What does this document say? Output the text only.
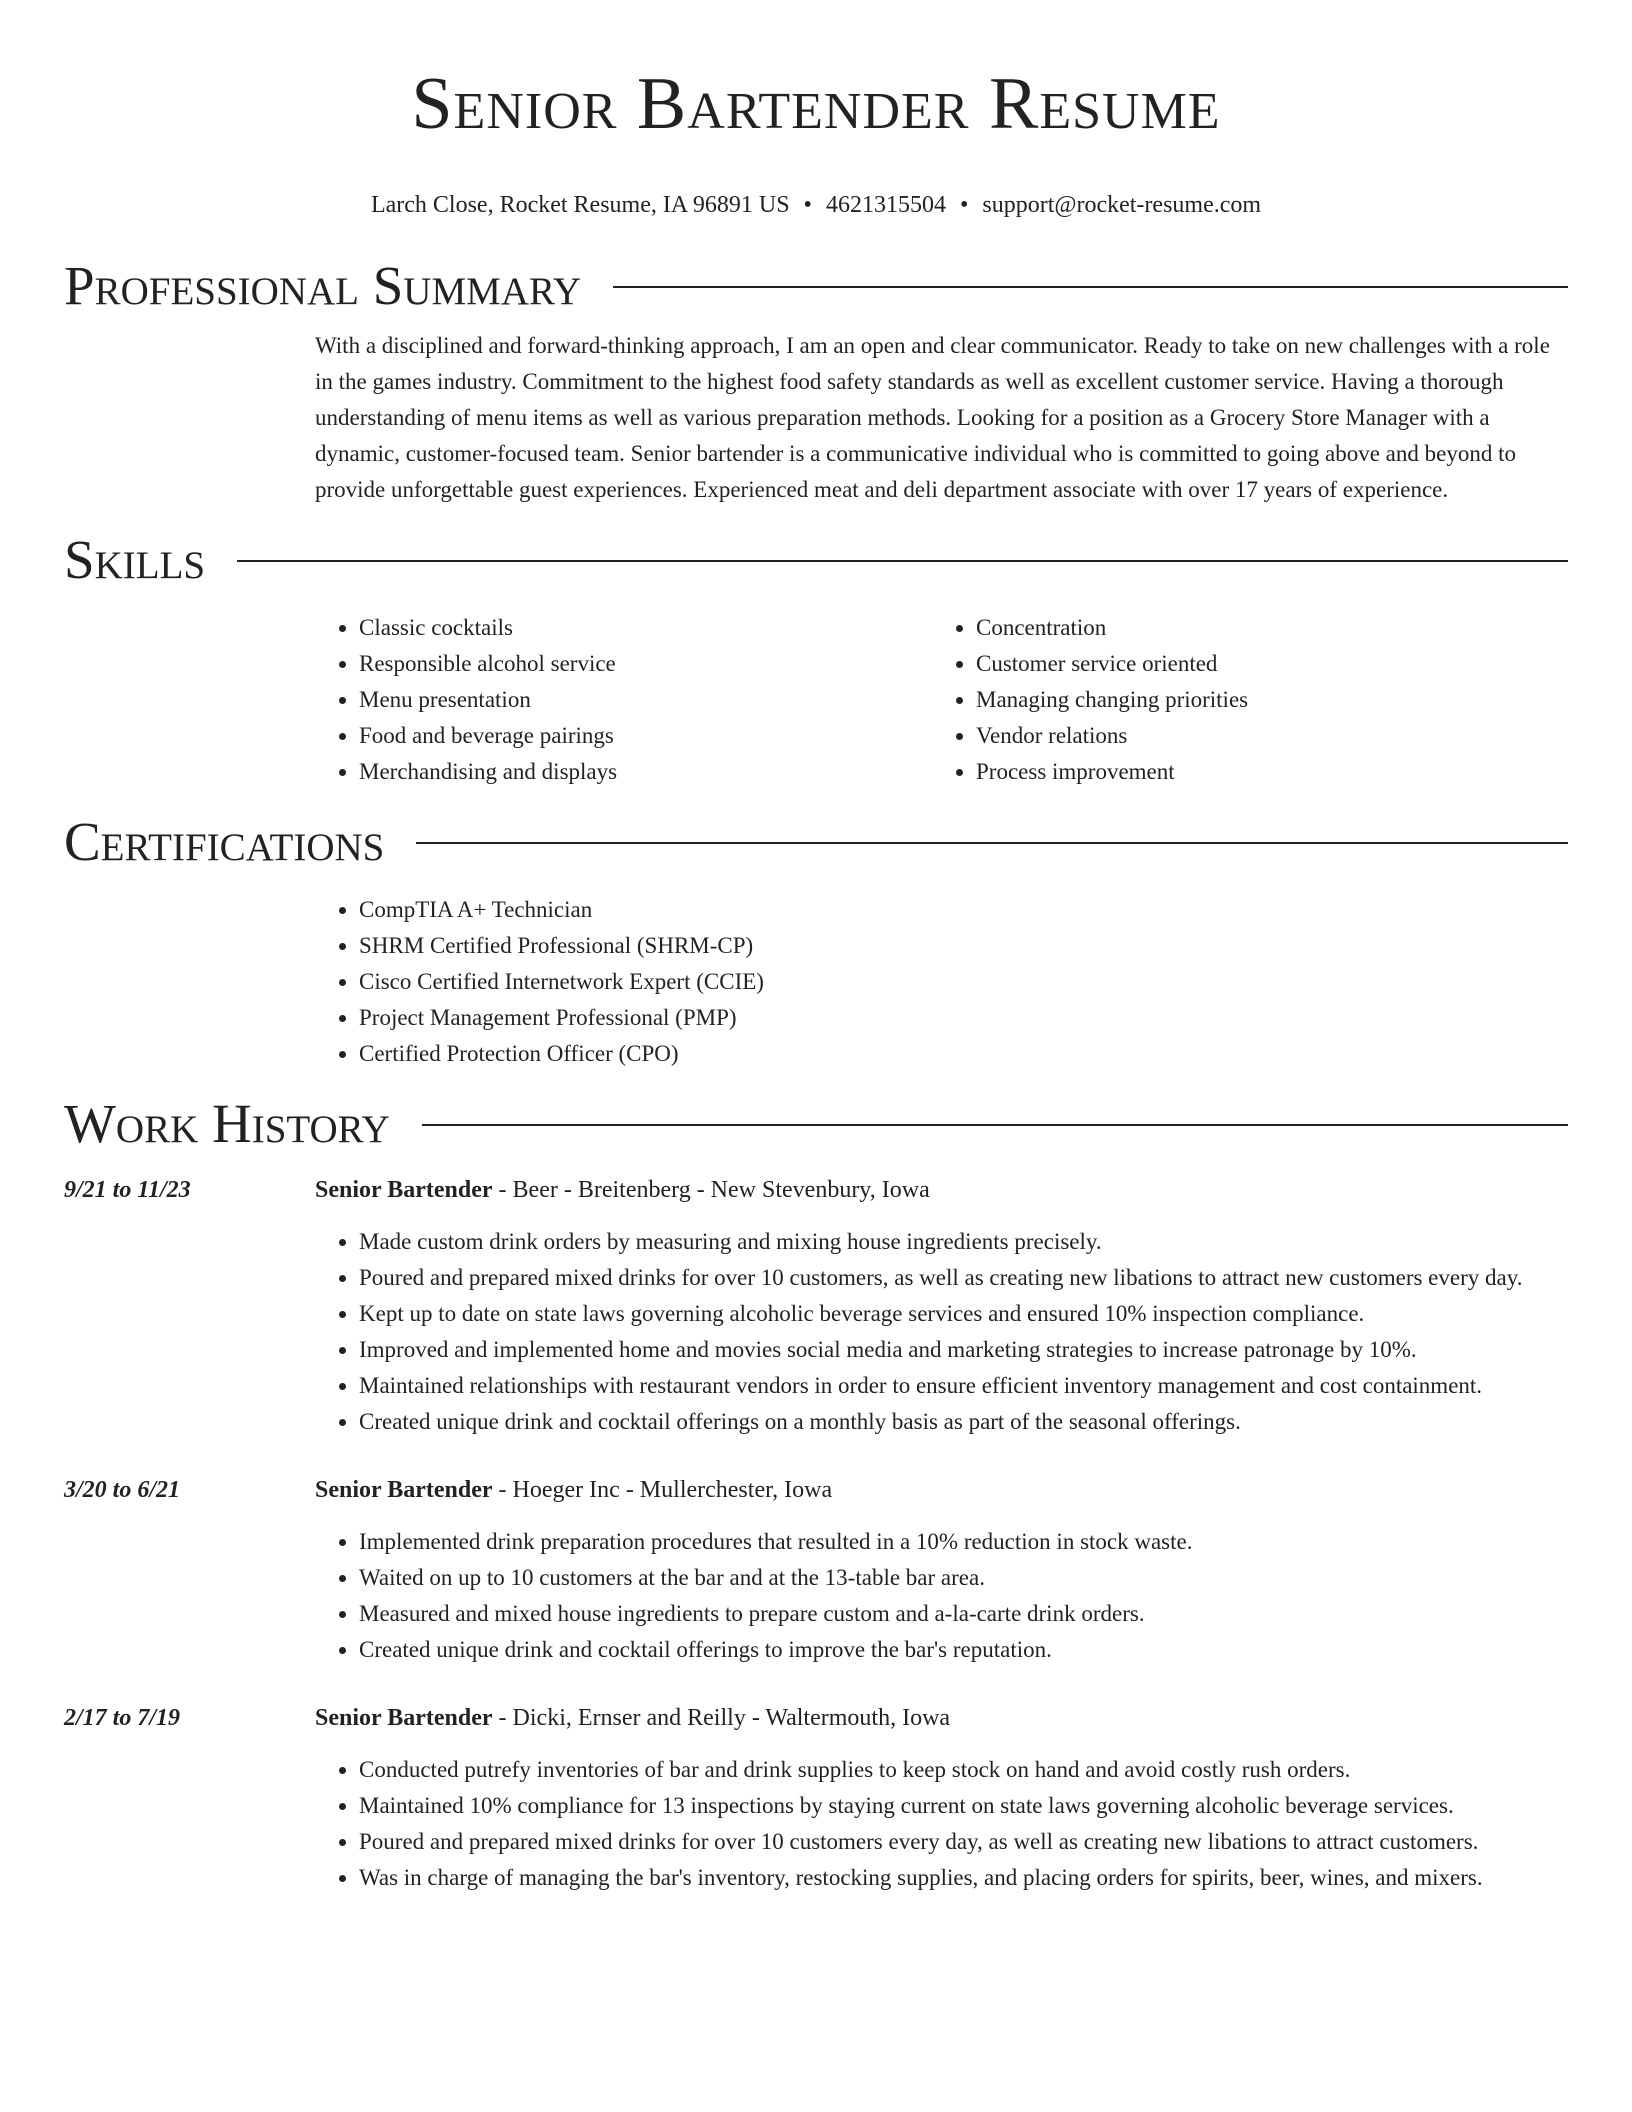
Senior Bartender Resume
Larch Close, Rocket Resume, IA 96891 US • 4621315504 • support@rocket-resume.com
Professional Summary

With a disciplined and forward-thinking approach, I am an open and clear communicator. Ready to take on new challenges with a role in the games industry. Commitment to the highest food safety standards as well as excellent customer service. Having a thorough understanding of menu items as well as various preparation methods. Looking for a position as a Grocery Store Manager with a dynamic, customer-focused team. Senior bartender is a communicative individual who is committed to going above and beyond to provide unforgettable guest experiences. Experienced meat and deli department associate with over 17 years of experience.

Skills
• Classic cocktails
• Responsible alcohol service
• Menu presentation
• Food and beverage pairings
• Merchandising and displays
• Concentration
• Customer service oriented
• Managing changing priorities
• Vendor relations
• Process improvement
Certifications
• CompTIA A+ Technician
• SHRM Certified Professional (SHRM-CP)
• Cisco Certified Internetwork Expert (CCIE)
• Project Management Professional (PMP)
• Certified Protection Officer (CPO)
Work History
9/21 to 11/23	Senior Bartender - Beer - Breitenberg - New Stevenbury, Iowa
• Made custom drink orders by measuring and mixing house ingredients precisely.
• Poured and prepared mixed drinks for over 10 customers, as well as creating new libations to attract new customers every day.
• Kept up to date on state laws governing alcoholic beverage services and ensured 10% inspection compliance.
• Improved and implemented home and movies social media and marketing strategies to increase patronage by 10%.
• Maintained relationships with restaurant vendors in order to ensure efficient inventory management and cost containment.
• Created unique drink and cocktail offerings on a monthly basis as part of the seasonal offerings.
3/20 to 6/21	Senior Bartender - Hoeger Inc - Mullerchester, Iowa
• Implemented drink preparation procedures that resulted in a 10% reduction in stock waste.
• Waited on up to 10 customers at the bar and at the 13-table bar area.
• Measured and mixed house ingredients to prepare custom and a-la-carte drink orders.
• Created unique drink and cocktail offerings to improve the bar's reputation.
2/17 to 7/19	Senior Bartender - Dicki, Ernser and Reilly - Waltermouth, Iowa
• Conducted putrefy inventories of bar and drink supplies to keep stock on hand and avoid costly rush orders.
• Maintained 10% compliance for 13 inspections by staying current on state laws governing alcoholic beverage services.
• Poured and prepared mixed drinks for over 10 customers every day, as well as creating new libations to attract customers.
• Was in charge of managing the bar's inventory, restocking supplies, and placing orders for spirits, beer, wines, and mixers.
